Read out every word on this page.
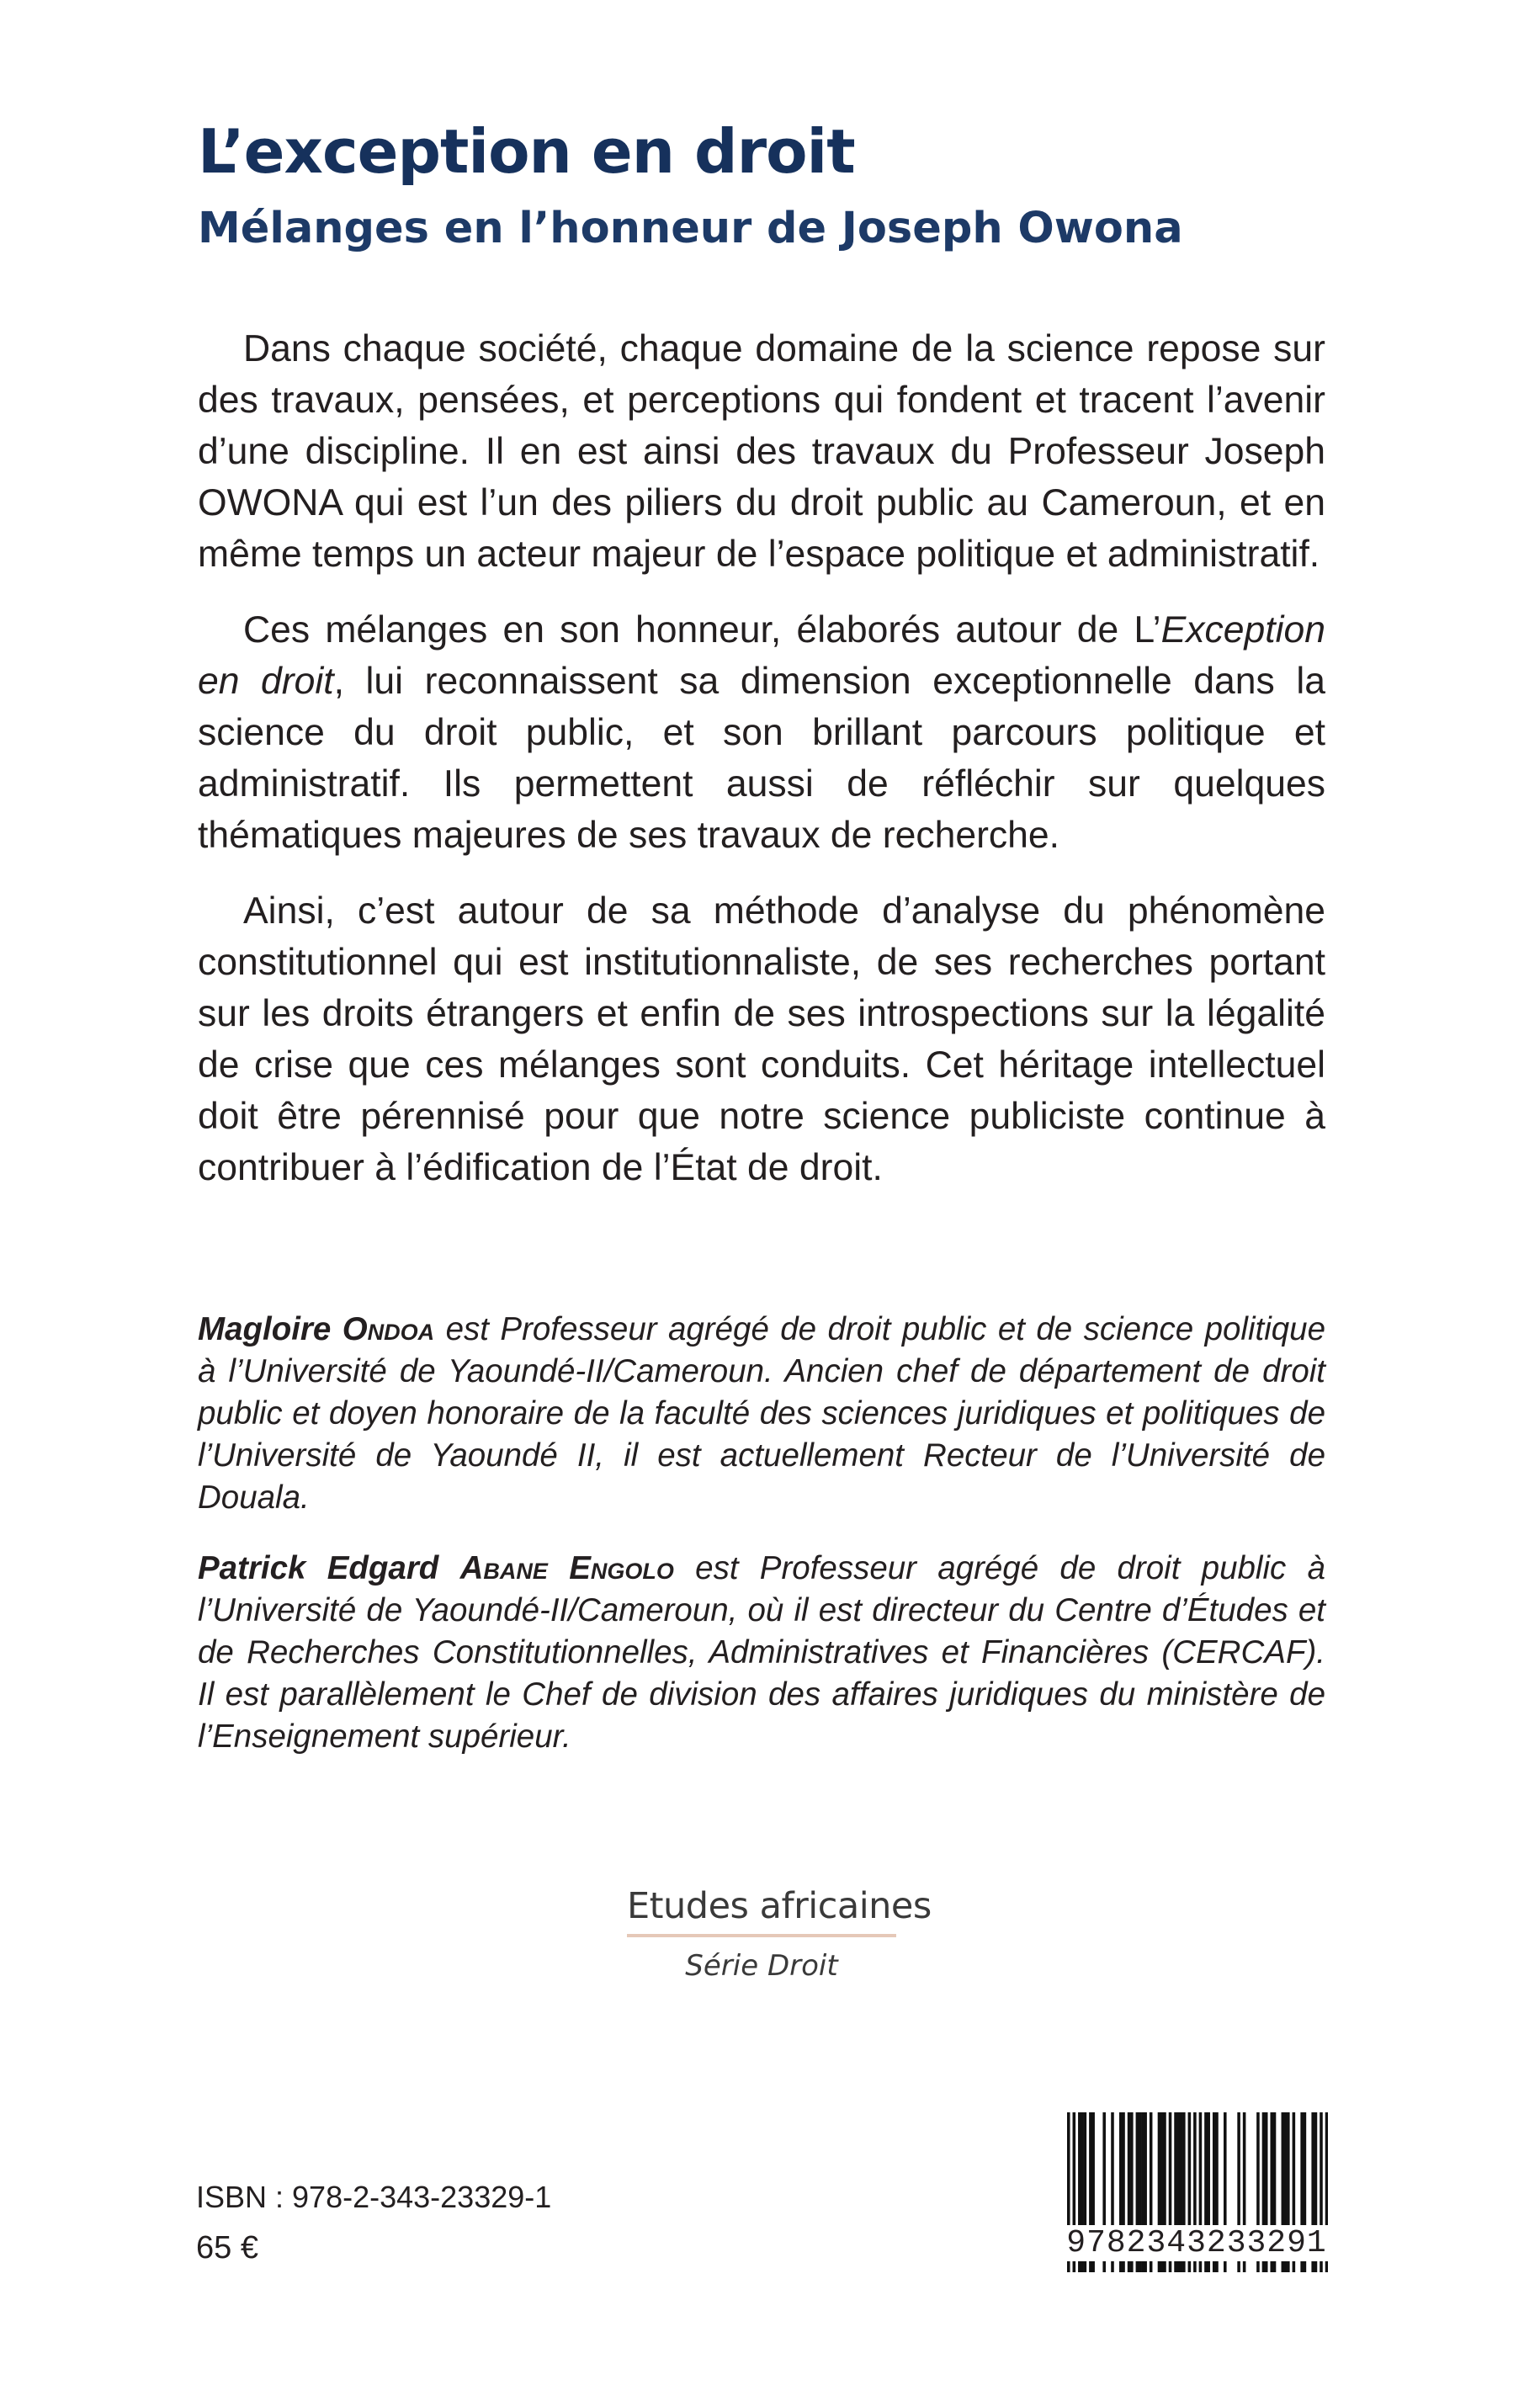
L’exception en droit
Mélanges en l’honneur de Joseph Owona

Dans chaque société, chaque domaine de la science repose sur des travaux, pensées, et perceptions qui fondent et tracent l’avenir d’une discipline. Il en est ainsi des travaux du Professeur Joseph OWONA qui est l’un des piliers du droit public au Cameroun, et en même temps un acteur majeur de l’espace politique et administratif.

Ces mélanges en son honneur, élaborés autour de L’Exception en droit, lui reconnaissent sa dimension exceptionnelle dans la science du droit public, et son brillant parcours politique et administratif. Ils permettent aussi de réfléchir sur quelques thématiques majeures de ses travaux de recherche.

Ainsi, c’est autour de sa méthode d’analyse du phénomène constitutionnel qui est institutionnaliste, de ses recherches portant sur les droits étrangers et enfin de ses introspections sur la légalité de crise que ces mélanges sont conduits. Cet héritage intellectuel doit être pérennisé pour que notre science publiciste continue à contribuer à l’édification de l’État de droit.

Magloire Ondoa est Professeur agrégé de droit public et de science politique à l’Université de Yaoundé-II/Cameroun. Ancien chef de département de droit public et doyen honoraire de la faculté des sciences juridiques et politiques de l’Université de Yaoundé II, il est actuellement Recteur de l’Université de Douala.

Patrick Edgard Abane Engolo est Professeur agrégé de droit public à l’Université de Yaoundé-II/Cameroun, où il est directeur du Centre d’Études et de Recherches Constitutionnelles, Administratives et Financières (CERCAF). Il est parallèlement le Chef de division des affaires juridiques du ministère de l’Enseignement supérieur.

Etudes africaines
Série Droit
ISBN : 978-2-343-23329-1
65 €	9782343233291
